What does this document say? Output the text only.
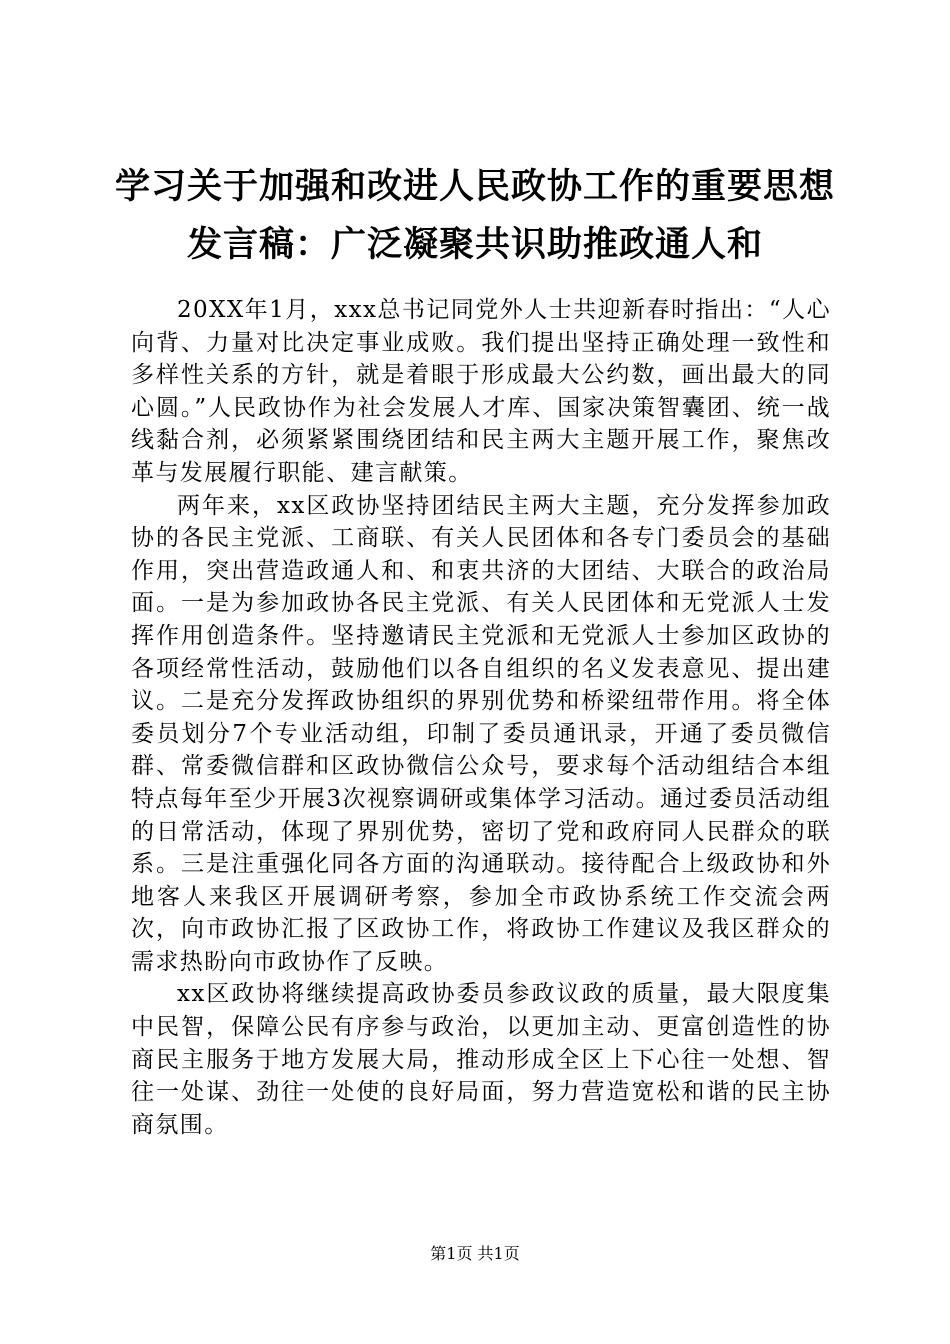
学习关于加强和改进人民政协工作的重要思想
发言稿：广泛凝聚共识助推政通人和

20XX年1月，xxx总书记同党外人士共迎新春时指出：“人心向背、力量对比决定事业成败。我们提出坚持正确处理一致性和多样性关系的方针，就是着眼于形成最大公约数，画出最大的同心圆。”人民政协作为社会发展人才库、国家决策智囊团、统一战线黏合剂，必须紧紧围绕团结和民主两大主题开展工作，聚焦改革与发展履行职能、建言献策。

两年来，xx区政协坚持团结民主两大主题，充分发挥参加政协的各民主党派、工商联、有关人民团体和各专门委员会的基础作用，突出营造政通人和、和衷共济的大团结、大联合的政治局面。一是为参加政协各民主党派、有关人民团体和无党派人士发挥作用创造条件。坚持邀请民主党派和无党派人士参加区政协的各项经常性活动，鼓励他们以各自组织的名义发表意见、提出建议。二是充分发挥政协组织的界别优势和桥梁纽带作用。将全体委员划分7个专业活动组，印制了委员通讯录，开通了委员微信群、常委微信群和区政协微信公众号，要求每个活动组结合本组特点每年至少开展3次视察调研或集体学习活动。通过委员活动组的日常活动，体现了界别优势，密切了党和政府同人民群众的联系。三是注重强化同各方面的沟通联动。接待配合上级政协和外地客人来我区开展调研考察，参加全市政协系统工作交流会两次，向市政协汇报了区政协工作，将政协工作建议及我区群众的需求热盼向市政协作了反映。

xx区政协将继续提高政协委员参政议政的质量，最大限度集中民智，保障公民有序参与政治，以更加主动、更富创造性的协商民主服务于地方发展大局，推动形成全区上下心往一处想、智往一处谋、劲往一处使的良好局面，努力营造宽松和谐的民主协商氛围。

第1页 共1页
